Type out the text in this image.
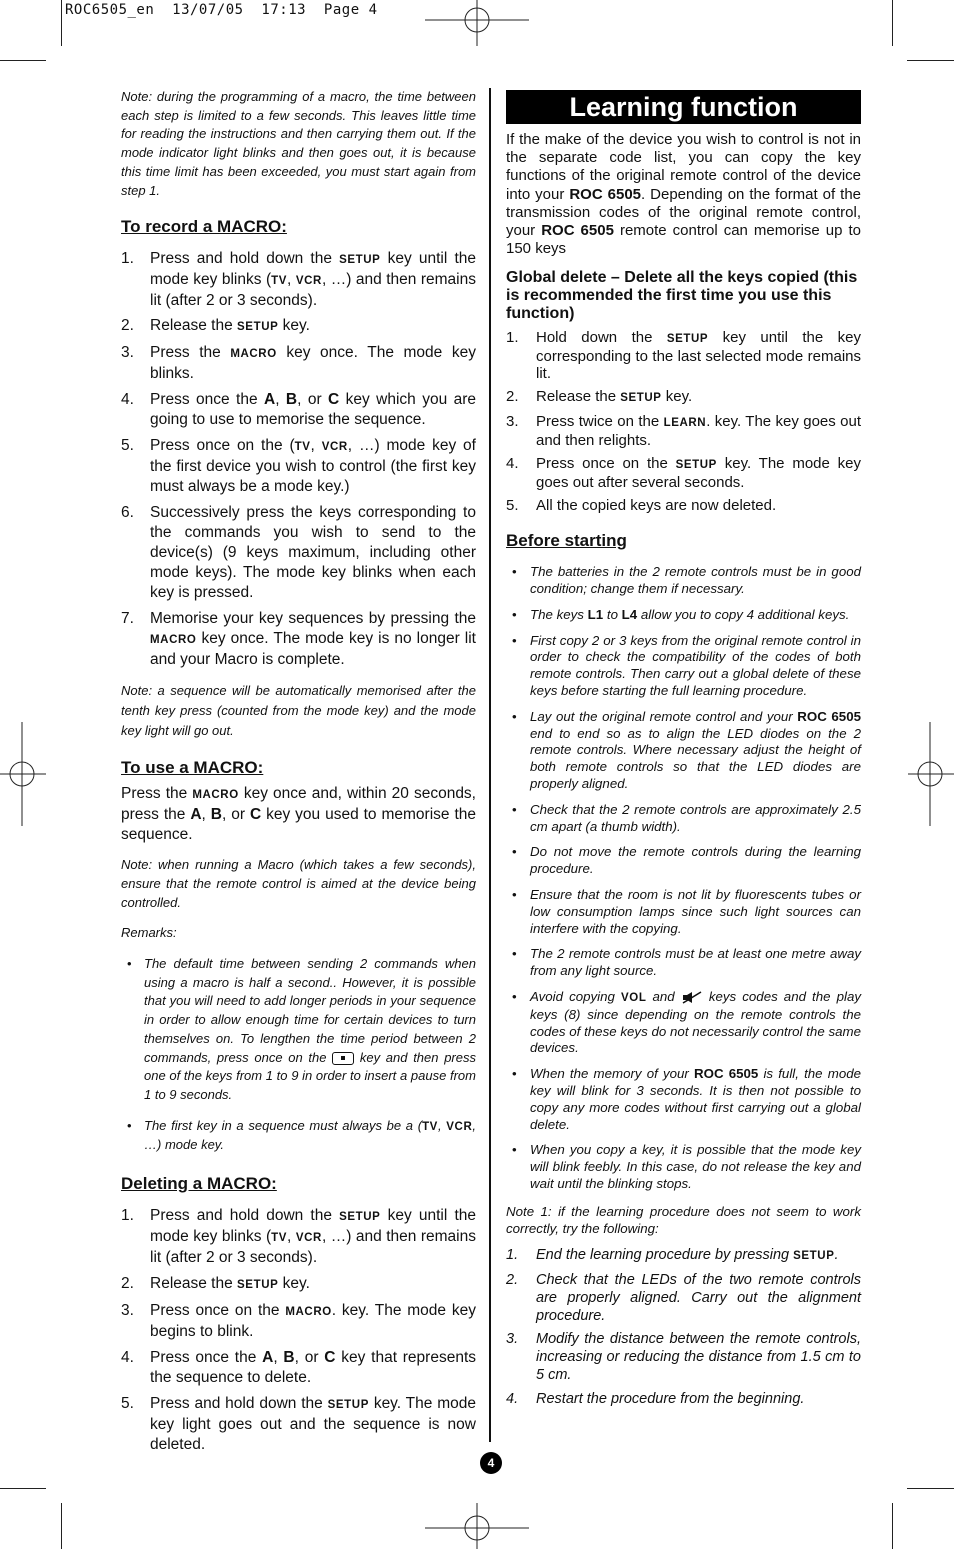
ROC6505_en  13/07/05  17:13  Page 4

Note: during the programming of a macro, the time between each step is limited to a few seconds. This leaves little time for reading the instructions and then carrying them out. If the mode indicator light blinks and then goes out, it is because this time limit has been exceeded, you must start again from step 1.

To record a MACRO:
1. Press and hold down the SETUP key until the mode key blinks (TV, VCR, …) and then remains lit (after 2 or 3 seconds).
2. Release the SETUP key.
3. Press the MACRO key once. The mode key blinks.
4. Press once the A, B, or C key which you are going to use to memorise the sequence.
5. Press once on the (TV, VCR, …) mode key of the first device you wish to control (the first key must always be a mode key.)
6. Successively press the keys corresponding to the commands you wish to send to the device(s) (9 keys maximum, including other mode keys). The mode key blinks when each key is pressed.
7. Memorise your key sequences by pressing the MACRO key once. The mode key is no longer lit and your Macro is complete.

Note: a sequence will be automatically memorised after the tenth key press (counted from the mode key) and the mode key light will go out.

To use a MACRO:

Press the MACRO key once and, within 20 seconds, press the A, B, or C key you used to memorise the sequence.

Note: when running a Macro (which takes a few seconds), ensure that the remote control is aimed at the device being controlled.

Remarks:

• The default time between sending 2 commands when using a macro is half a second.. However, it is possible that you will need to add longer periods in your sequence in order to allow enough time for certain devices to turn themselves on. To lengthen the time period between 2 commands, press once on the  key and then press one of the keys from 1 to 9 in order to insert a pause from 1 to 9 seconds.
• The first key in a sequence must always be a (TV, VCR, …) mode key.
Deleting a MACRO:
1. Press and hold down the SETUP key until the mode key blinks (TV, VCR, …) and then remains lit (after 2 or 3 seconds).
2. Release the SETUP key.
3. Press once on the MACRO. key. The mode key begins to blink.
4. Press once the A, B, or C key that represents the sequence to delete.
5. Press and hold down the SETUP key. The mode key light goes out and the sequence is now deleted.
Learning function

If the make of the device you wish to control is not in the separate code list, you can copy the key functions of the original remote control of the device into your ROC 6505. Depending on the format of the transmission codes of the original remote control, your ROC 6505 remote control can memorise up to 150 keys

Global delete – Delete all the keys copied (this is recommended the first time you use this function)

1. Hold down the SETUP key until the key corresponding to the last selected mode remains lit.
2. Release the SETUP key.
3. Press twice on the LEARN. key. The key goes out and then relights.
4. Press once on the SETUP key. The mode key goes out after several seconds.
5. All the copied keys are now deleted.
Before starting
• The batteries in the 2 remote controls must be in good condition; change them if necessary.
• The keys L1 to L4 allow you to copy 4 additional keys.
• First copy 2 or 3 keys from the original remote control in order to check the compatibility of the codes of both remote controls. Then carry out a global delete of these keys before starting the full learning procedure.
• Lay out the original remote control and your ROC 6505 end to end so as to align the LED diodes on the 2 remote controls. Where necessary adjust the height of both remote controls so that the LED diodes are properly aligned.
• Check that the 2 remote controls are approximately 2.5 cm apart (a thumb width).
• Do not move the remote controls during the learning procedure.
• Ensure that the room is not lit by fluorescents tubes or low consumption lamps since such light sources can interfere with the copying.
• The 2 remote controls must be at least one metre away from any light source.
• Avoid copying VOL and  keys codes and the play keys (8) since depending on the remote controls the codes of these keys do not necessarily control the same devices.
• When the memory of your ROC 6505 is full, the mode key will blink for 3 seconds. It is then not possible to copy any more codes without first carrying out a global delete.
• When you copy a key, it is possible that the mode key will blink feebly. In this case, do not release the key and wait until the blinking stops.

Note 1: if the learning procedure does not seem to work correctly, try the following:

1. End the learning procedure by pressing SETUP.
2. Check that the LEDs of the two remote controls are properly aligned. Carry out the alignment procedure.
3. Modify the distance between the remote controls, increasing or reducing the distance from 1.5 cm to 5 cm.
4. Restart the procedure from the beginning.
4
